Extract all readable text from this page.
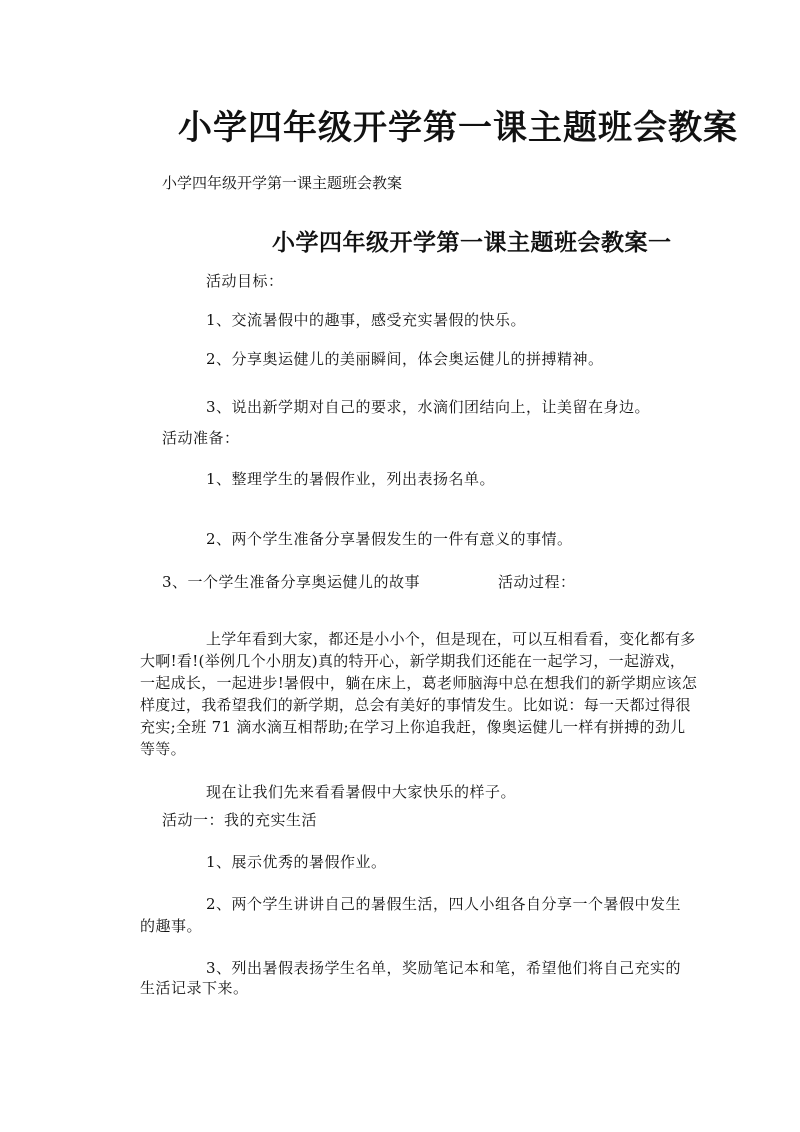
小学四年级开学第一课主题班会教案

小学四年级开学第一课主题班会教案

小学四年级开学第一课主题班会教案一

活动目标：

1、交流暑假中的趣事，感受充实暑假的快乐。

2、分享奥运健儿的美丽瞬间，体会奥运健儿的拼搏精神。

3、说出新学期对自己的要求，水滴们团结向上，让美留在身边。

活动准备：

1、整理学生的暑假作业，列出表扬名单。

2、两个学生准备分享暑假发生的一件有意义的事情。

3、一个学生准备分享奥运健儿的故事	活动过程：

上学年看到大家，都还是小小个，但是现在，可以互相看看，变化都有多
大啊!看!(举例几个小朋友)真的特开心，新学期我们还能在一起学习，一起游戏，
一起成长，一起进步!暑假中，躺在床上，葛老师脑海中总在想我们的新学期应该怎
样度过，我希望我们的新学期，总会有美好的事情发生。比如说：每一天都过得很
充实;全班 71 滴水滴互相帮助;在学习上你追我赶，像奥运健儿一样有拼搏的劲儿
等等。

现在让我们先来看看暑假中大家快乐的样子。

活动一：我的充实生活

1、展示优秀的暑假作业。

2、两个学生讲讲自己的暑假生活，四人小组各自分享一个暑假中发生

的趣事。

3、列出暑假表扬学生名单，奖励笔记本和笔，希望他们将自己充实的

生活记录下来。
